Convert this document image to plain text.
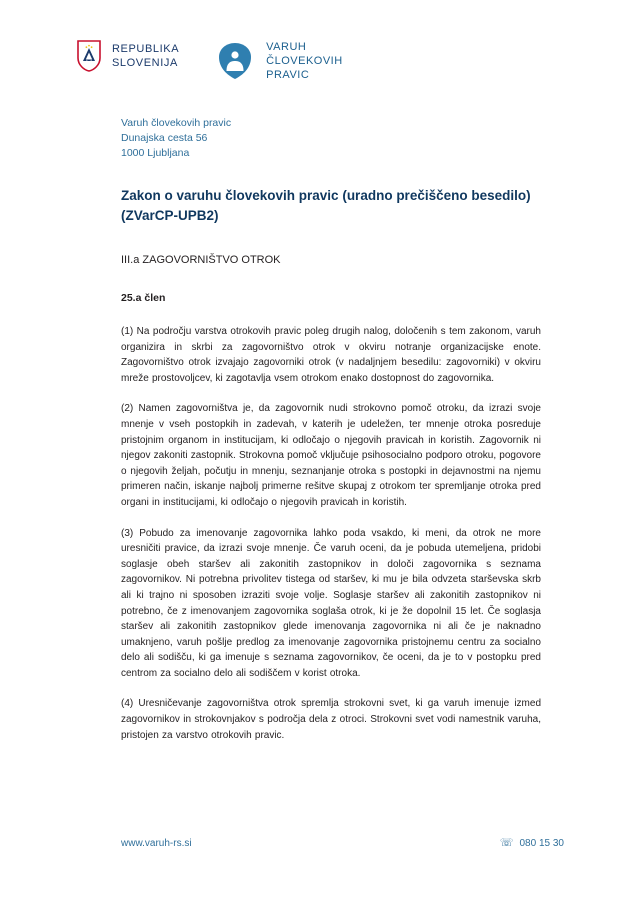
REPUBLIKA
SLOVENIJA
VARUH
ČLOVEKOVIH
PRAVIC
Varuh človekovih pravic
Dunajska cesta 56
1000 Ljubljana
Zakon o varuhu človekovih pravic (uradno prečiščeno besedilo) (ZVarCP-UPB2)
III.a ZAGOVORNIŠTVO OTROK
25.a člen

(1) Na področju varstva otrokovih pravic poleg drugih nalog, določenih s tem zakonom, varuh organizira in skrbi za zagovorništvo otrok v okviru notranje organizacijske enote. Zagovorništvo otrok izvajajo zagovorniki otrok (v nadaljnjem besedilu: zagovorniki) v okviru mreže prostovoljcev, ki zagotavlja vsem otrokom enako dostopnost do zagovornika.

(2) Namen zagovorništva je, da zagovornik nudi strokovno pomoč otroku, da izrazi svoje mnenje v vseh postopkih in zadevah, v katerih je udeležen, ter mnenje otroka posreduje pristojnim organom in institucijam, ki odločajo o njegovih pravicah in koristih. Zagovornik ni njegov zakoniti zastopnik. Strokovna pomoč vključuje psihosocialno podporo otroku, pogovore o njegovih željah, počutju in mnenju, seznanjanje otroka s postopki in dejavnostmi na njemu primeren način, iskanje najbolj primerne rešitve skupaj z otrokom ter spremljanje otroka pred organi in institucijami, ki odločajo o njegovih pravicah in koristih.

(3) Pobudo za imenovanje zagovornika lahko poda vsakdo, ki meni, da otrok ne more uresničiti pravice, da izrazi svoje mnenje. Če varuh oceni, da je pobuda utemeljena, pridobi soglasje obeh staršev ali zakonitih zastopnikov in določi zagovornika s seznama zagovornikov. Ni potrebna privolitev tistega od staršev, ki mu je bila odvzeta starševska skrb ali ki trajno ni sposoben izraziti svoje volje. Soglasje staršev ali zakonitih zastopnikov ni potrebno, če z imenovanjem zagovornika soglaša otrok, ki je že dopolnil 15 let. Če soglasja staršev ali zakonitih zastopnikov glede imenovanja zagovornika ni ali če je naknadno umaknjeno, varuh pošlje predlog za imenovanje zagovornika pristojnemu centru za socialno delo ali sodišču, ki ga imenuje s seznama zagovornikov, če oceni, da je to v postopku pred centrom za socialno delo ali sodiščem v korist otroka.

(4) Uresničevanje zagovorništva otrok spremlja strokovni svet, ki ga varuh imenuje izmed zagovornikov in strokovnjakov s področja dela z otroci. Strokovni svet vodi namestnik varuha, pristojen za varstvo otrokovih pravic.

www.varuh-rs.si	☏ 080 15 30
